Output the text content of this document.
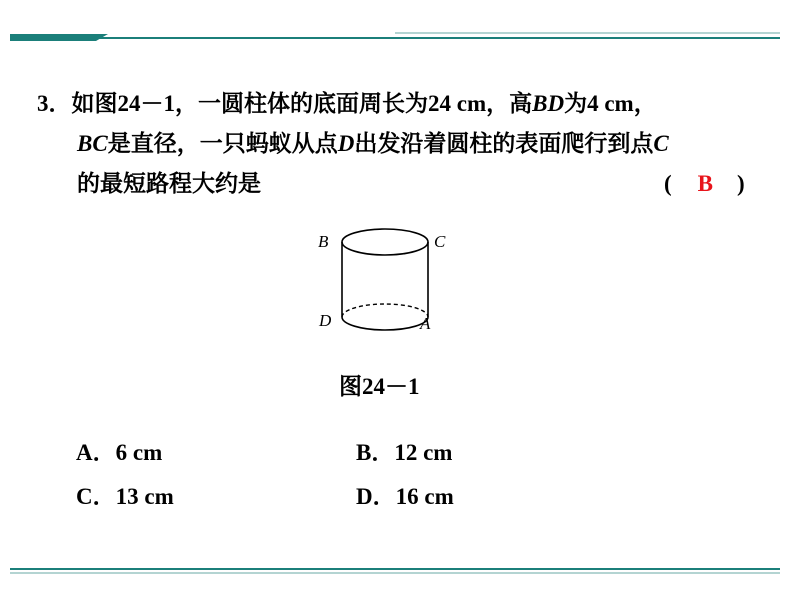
3．如图24－1，一圆柱体的底面周长为24 cm，高BD为4 cm，
BC是直径，一只蚂蚁从点D出发沿着圆柱的表面爬行到点C
的最短路程大约是	( B )
B	C
D	A
图24－1
A．6 cm	B．12 cm
C．13 cm	D．16 cm
